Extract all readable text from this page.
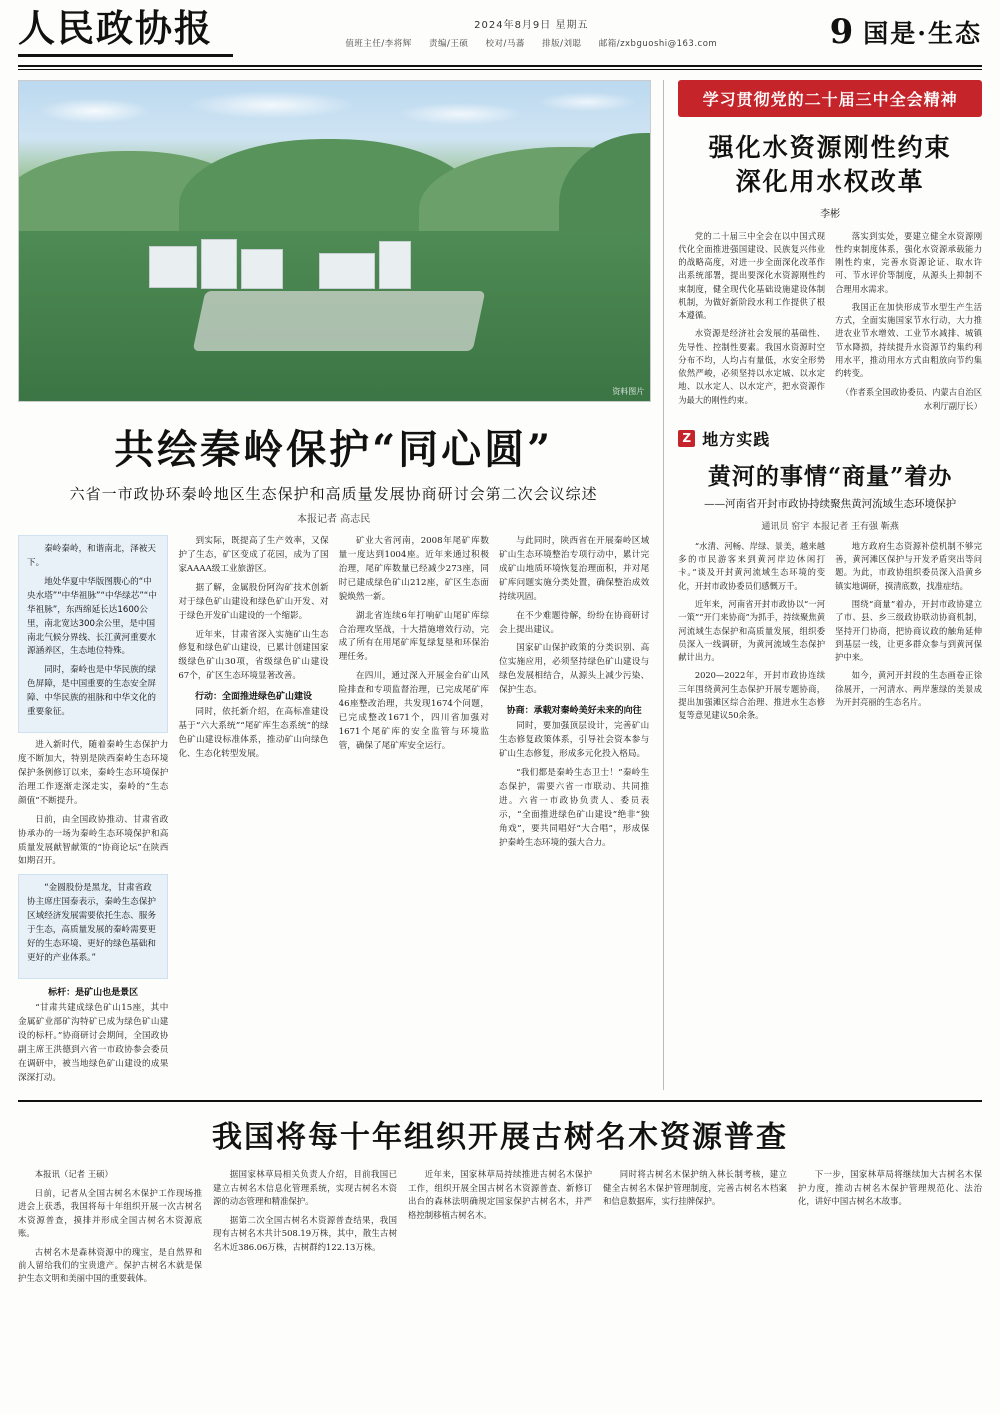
人民政协报	2024年8月9日 星期五
值班主任/李将辉 责编/王硕 校对/马蕃 排版/刘聪 邮箱/zxbguoshi@163.com	9 国是·生态
资料图片
共绘秦岭保护“同心圆”
六省一市政协环秦岭地区生态保护和高质量发展协商研讨会第二次会议综述
本报记者 高志民

秦岭秦岭，和谐南北，泽被天下。

地处华夏中华版图腹心的“中央水塔”“中华祖脉”“中华绿芯”“中华祖脉”，东西绵延长达1600公里，南北宽达300余公里，是中国南北气候分界线、长江黄河重要水源涵养区，生态地位特殊。

同时，秦岭也是中华民族的绿色屏障，是中国重要的生态安全屏障、中华民族的祖脉和中华文化的重要象征。

进入新时代，随着秦岭生态保护力度不断加大，特别是陕西秦岭生态环境保护条例修订以来，秦岭生态环境保护治理工作逐渐走深走实，秦岭的“生态颜值”不断提升。

日前，由全国政协推动、甘肃省政协承办的一场为秦岭生态环境保护和高质量发展献智献策的“协商论坛”在陕西如期召开。

“金圆股份是黑龙，甘肃省政协主席庄国泰表示，秦岭生态保护区域经济发展需要依托生态、服务于生态，高质量发展的秦岭需要更好的生态环境、更好的绿色基础和更好的产业体系。”

标杆：是矿山也是景区

“甘肃共建成绿色矿山15座，其中金属矿业部矿沟特矿已成为绿色矿山建设的标杆。”协商研讨会期间，全国政协副主席王洪德到六省一市政协参会委员在调研中，被当地绿色矿山建设的成果深深打动。

到实际，既提高了生产效率，又保护了生态，矿区变成了花园，成为了国家AAAA级工业旅游区。

据了解，金属股份阿沟矿技术创新对于绿色矿山建设和绿色矿山开发、对于绿色开发矿山建设的一个缩影。

近年来，甘肃省深入实施矿山生态修复和绿色矿山建设，已累计创建国家级绿色矿山30项，省级绿色矿山建设67个，矿区生态环境显著改善。

行动：全面推进绿色矿山建设

同时，依托新介绍，在高标准建设基于“六大系统”“尾矿库生态系统”的绿色矿山建设标准体系，推动矿山向绿色化、生态化转型发展。

矿业大省河南，2008年尾矿库数量一度达到1004座。近年来通过积极治理，尾矿库数量已经减少273座，同时已建成绿色矿山212座，矿区生态面貌焕然一新。

湖北省连续6年打响矿山尾矿库综合治理攻坚战，十大措施增效行动，完成了所有在用尾矿库复绿复垦和环保治理任务。

在四川，通过深入开展金台矿山风险排查和专项监督治理，已完成尾矿库46座整改治理，共发现1674个问题，已完成整改1671个，四川省加强对1671个尾矿库的安全监管与环境监管，确保了尾矿库安全运行。

与此同时，陕西省在开展秦岭区域矿山生态环境整治专项行动中，累计完成矿山地质环境恢复治理面积，并对尾矿库问题实施分类处置，确保整治成效持续巩固。

在不少难题待解，纷纷在协商研讨会上提出建议。

国家矿山保护政策的分类识别、高位实施应用，必须坚持绿色矿山建设与绿色发展相结合，从源头上减少污染、保护生态。

协商：承载对秦岭美好未来的向往

同时，要加强顶层设计，完善矿山生态修复政策体系，引导社会资本参与矿山生态修复，形成多元化投入格局。

“我们都是秦岭生态卫士！”秦岭生态保护，需要六省一市联动、共同推进。六省一市政协负责人、委员表示，“全面推进绿色矿山建设”绝非“独角戏”，要共同唱好“大合唱”，形成保护秦岭生态环境的强大合力。

学习贯彻党的二十届三中全会精神
强化水资源刚性约束
深化用水权改革
李彬

党的二十届三中全会在以中国式现代化全面推进强国建设、民族复兴伟业的战略高度，对进一步全面深化改革作出系统部署，提出要深化水资源刚性约束制度，健全现代化基础设施建设体制机制，为做好新阶段水利工作提供了根本遵循。

水资源是经济社会发展的基础性、先导性、控制性要素。我国水资源时空分布不均，人均占有量低，水安全形势依然严峻，必须坚持以水定城、以水定地、以水定人、以水定产，把水资源作为最大的刚性约束。

落实到实处，要建立健全水资源刚性约束制度体系，强化水资源承载能力刚性约束，完善水资源论证、取水许可、节水评价等制度，从源头上抑制不合理用水需求。

我国正在加快形成节水型生产生活方式，全面实施国家节水行动，大力推进农业节水增效、工业节水减排、城镇节水降损，持续提升水资源节约集约利用水平，推动用水方式由粗放向节约集约转变。

（作者系全国政协委员、内蒙古自治区水利厅副厅长）
Z 地方实践
黄河的事情“商量”着办
——河南省开封市政协持续聚焦黄河流域生态环境保护
通讯员 窑宇 本报记者 王有强 靳燕

“水清、河畅、岸绿、景美，越来越多的市民游客来到黄河岸边休闲打卡。”谈及开封黄河流域生态环境的变化，开封市政协委员们感慨万千。

近年来，河南省开封市政协以“一河一策”“开门来协商”为抓手，持续聚焦黄河流域生态保护和高质量发展，组织委员深入一线调研，为黄河流域生态保护献计出力。

2020—2022年，开封市政协连续三年围绕黄河生态保护开展专题协商，提出加强滩区综合治理、推进水生态修复等意见建议50余条。

地方政府生态资源补偿机制不够完善，黄河滩区保护与开发矛盾突出等问题。为此，市政协组织委员深入沿黄乡镇实地调研，摸清底数，找准症结。

围绕“商量”着办，开封市政协建立了市、县、乡三级政协联动协商机制，坚持开门协商，把协商议政的触角延伸到基层一线，让更多群众参与到黄河保护中来。

如今，黄河开封段的生态画卷正徐徐展开，一河清水、两岸葱绿的美景成为开封亮丽的生态名片。

我国将每十年组织开展古树名木资源普查

本报讯（记者 王硕）

日前，记者从全国古树名木保护工作现场推进会上获悉，我国将每十年组织开展一次古树名木资源普查，摸排并形成全国古树名木资源底账。

古树名木是森林资源中的瑰宝，是自然界和前人留给我们的宝贵遗产。保护古树名木就是保护生态文明和美丽中国的重要载体。

据国家林草局相关负责人介绍，目前我国已建立古树名木信息化管理系统，实现古树名木资源的动态管理和精准保护。

据第二次全国古树名木资源普查结果，我国现有古树名木共计508.19万株，其中，散生古树名木近386.06万株，古树群约122.13万株。

近年来，国家林草局持续推进古树名木保护工作，组织开展全国古树名木资源普查、新修订出台的森林法明确规定国家保护古树名木，并严格控制移植古树名木。

同时将古树名木保护纳入林长制考核，建立健全古树名木保护管理制度，完善古树名木档案和信息数据库，实行挂牌保护。

下一步，国家林草局将继续加大古树名木保护力度，推动古树名木保护管理规范化、法治化，讲好中国古树名木故事。
